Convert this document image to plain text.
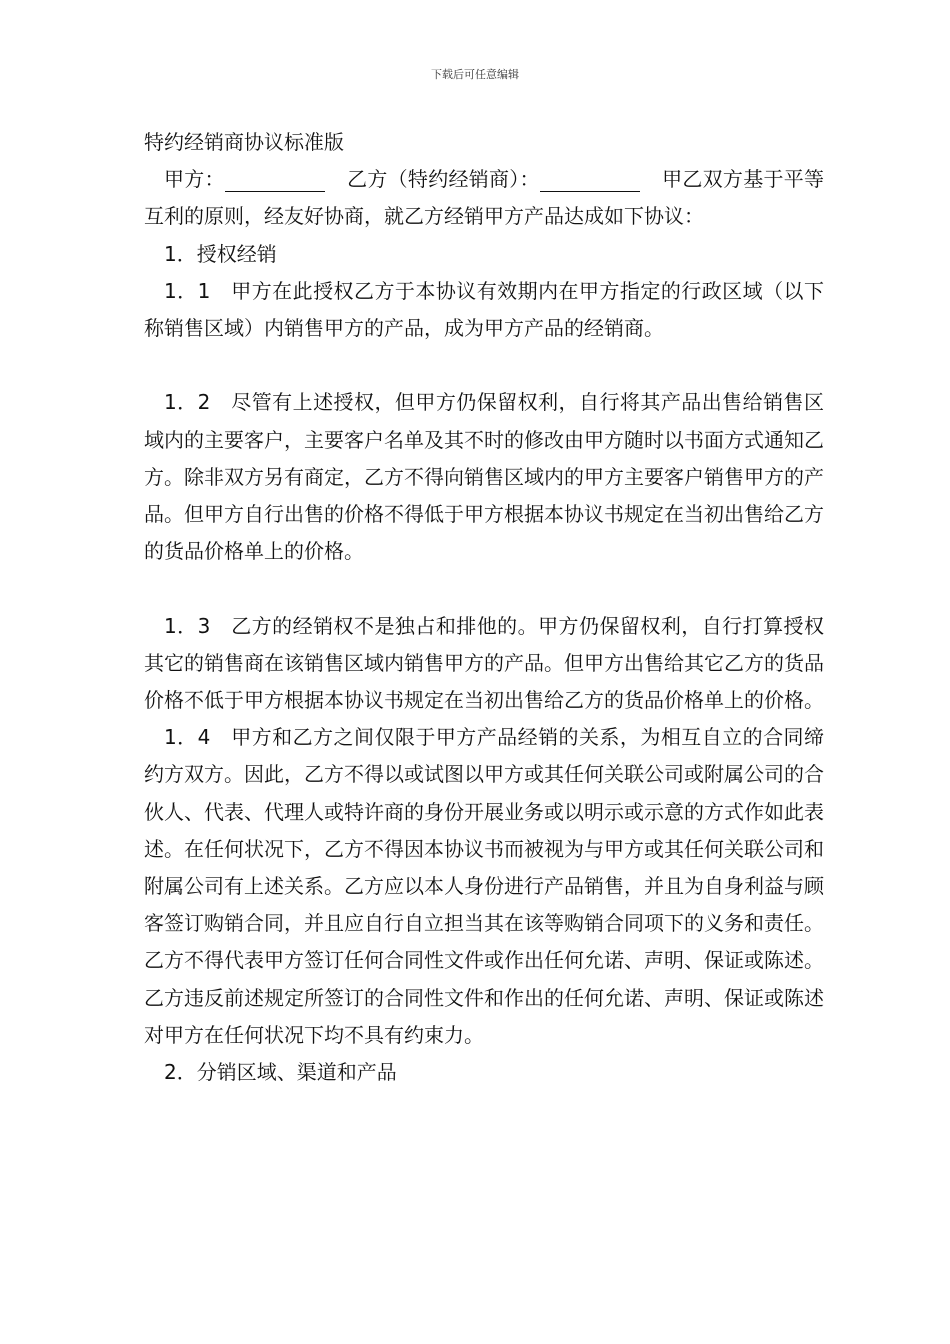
下载后可任意编辑

特约经销商协议标准版

甲方：	乙方（特约经销商）：	甲乙双方基于平等互利的原则，经友好协商，就乙方经销甲方产品达成如下协议：

1．授权经销

1．1　甲方在此授权乙方于本协议有效期内在甲方指定的行政区域（以下称销售区域）内销售甲方的产品，成为甲方产品的经销商。

1．2　尽管有上述授权，但甲方仍保留权利，自行将其产品出售给销售区域内的主要客户，主要客户名单及其不时的修改由甲方随时以书面方式通知乙方。除非双方另有商定，乙方不得向销售区域内的甲方主要客户销售甲方的产品。但甲方自行出售的价格不得低于甲方根据本协议书规定在当初出售给乙方的货品价格单上的价格。

1．3　乙方的经销权不是独占和排他的。甲方仍保留权利，自行打算授权其它的销售商在该销售区域内销售甲方的产品。但甲方出售给其它乙方的货品价格不低于甲方根据本协议书规定在当初出售给乙方的货品价格单上的价格。

1．4　甲方和乙方之间仅限于甲方产品经销的关系，为相互自立的合同缔约方双方。因此，乙方不得以或试图以甲方或其任何关联公司或附属公司的合伙人、代表、代理人或特许商的身份开展业务或以明示或示意的方式作如此表述。在任何状况下，乙方不得因本协议书而被视为与甲方或其任何关联公司和附属公司有上述关系。乙方应以本人身份进行产品销售，并且为自身利益与顾客签订购销合同，并且应自行自立担当其在该等购销合同项下的义务和责任。乙方不得代表甲方签订任何合同性文件或作出任何允诺、声明、保证或陈述。乙方违反前述规定所签订的合同性文件和作出的任何允诺、声明、保证或陈述对甲方在任何状况下均不具有约束力。

2．分销区域、渠道和产品
